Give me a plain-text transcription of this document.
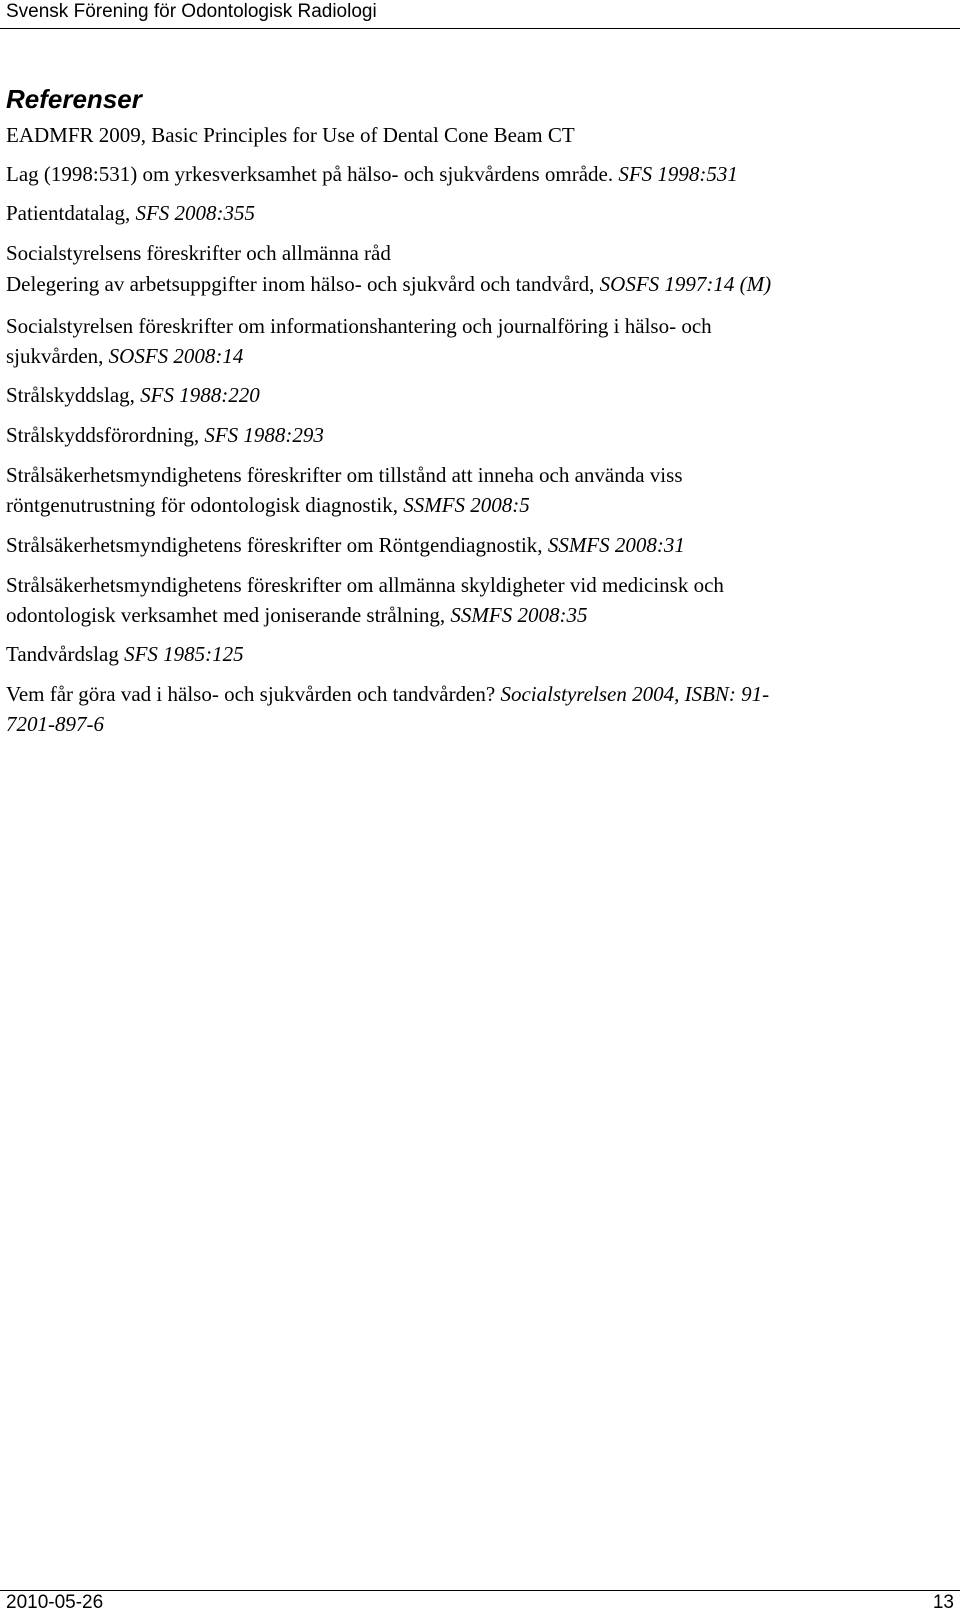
Svensk Förening för Odontologisk Radiologi
Referenser
EADMFR 2009, Basic Principles for Use of Dental Cone Beam CT
Lag (1998:531) om yrkesverksamhet på hälso- och sjukvårdens område. SFS 1998:531
Patientdatalag, SFS 2008:355
Socialstyrelsens föreskrifter och allmänna råd
Delegering av arbetsuppgifter inom hälso- och sjukvård och tandvård, SOSFS 1997:14 (M)
Socialstyrelsen föreskrifter om informationshantering och journalföring i hälso- och
sjukvården, SOSFS 2008:14
Strålskyddslag, SFS 1988:220
Strålskyddsförordning, SFS 1988:293
Strålsäkerhetsmyndighetens föreskrifter om tillstånd att inneha och använda viss
röntgenutrustning för odontologisk diagnostik, SSMFS 2008:5
Strålsäkerhetsmyndighetens föreskrifter om Röntgendiagnostik, SSMFS 2008:31
Strålsäkerhetsmyndighetens föreskrifter om allmänna skyldigheter vid medicinsk och
odontologisk verksamhet med joniserande strålning, SSMFS 2008:35
Tandvårdslag SFS 1985:125
Vem får göra vad i hälso- och sjukvården och tandvården? Socialstyrelsen 2004, ISBN: 91-
7201-897-6
2010-05-26	13
